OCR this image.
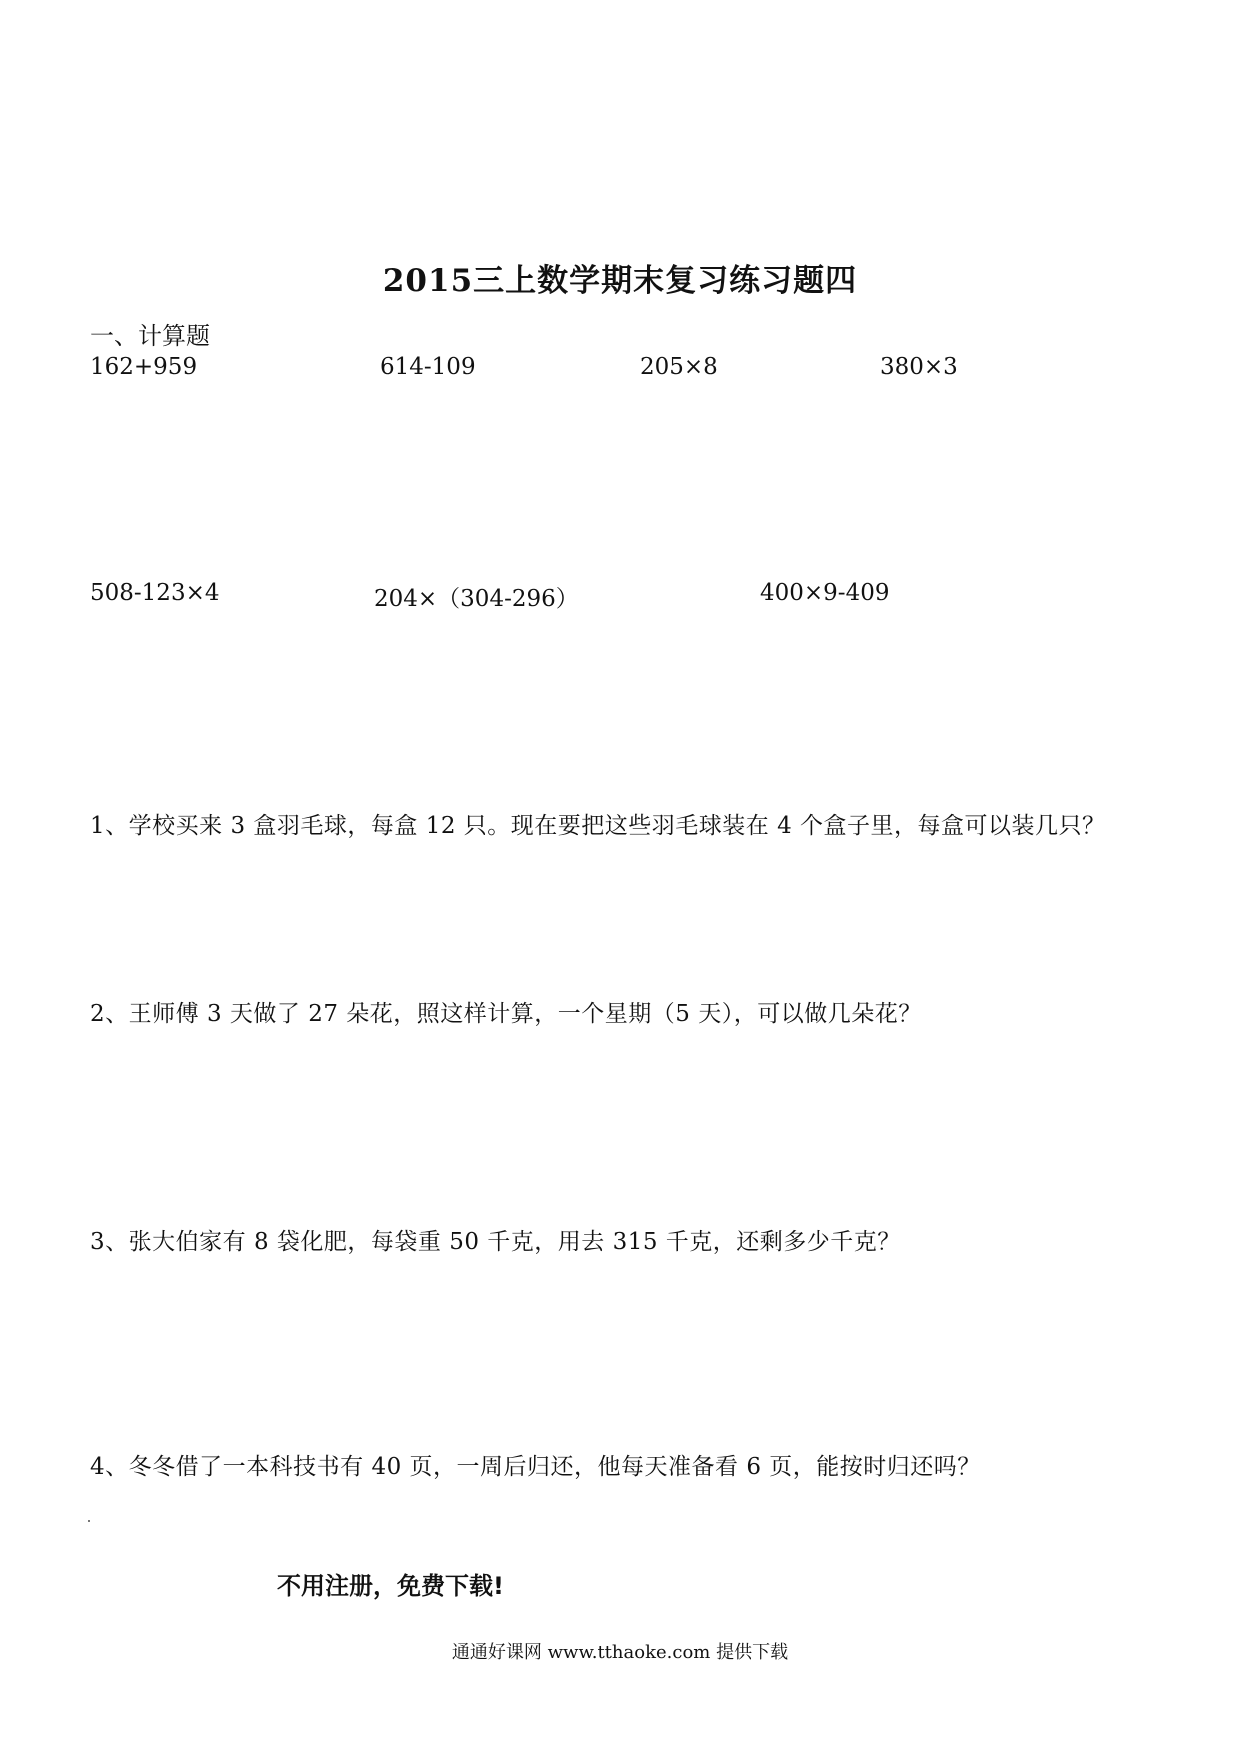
2015三上数学期末复习练习题四
一、计算题
162+959	614-109	205×8	380×3
508-123×4	204×（304-296）	400×9-409
1、学校买来 3 盒羽毛球，每盒 12 只。现在要把这些羽毛球装在 4 个盒子里，每盒可以装几只？
2、王师傅 3 天做了 27 朵花，照这样计算，一个星期（5 天），可以做几朵花？
3、张大伯家有 8 袋化肥，每袋重 50 千克，用去 315 千克，还剩多少千克？
4、冬冬借了一本科技书有 40 页，一周后归还，他每天准备看 6 页，能按时归还吗？
不用注册，免费下载!
通通好课网 www.tthaoke.com 提供下载
